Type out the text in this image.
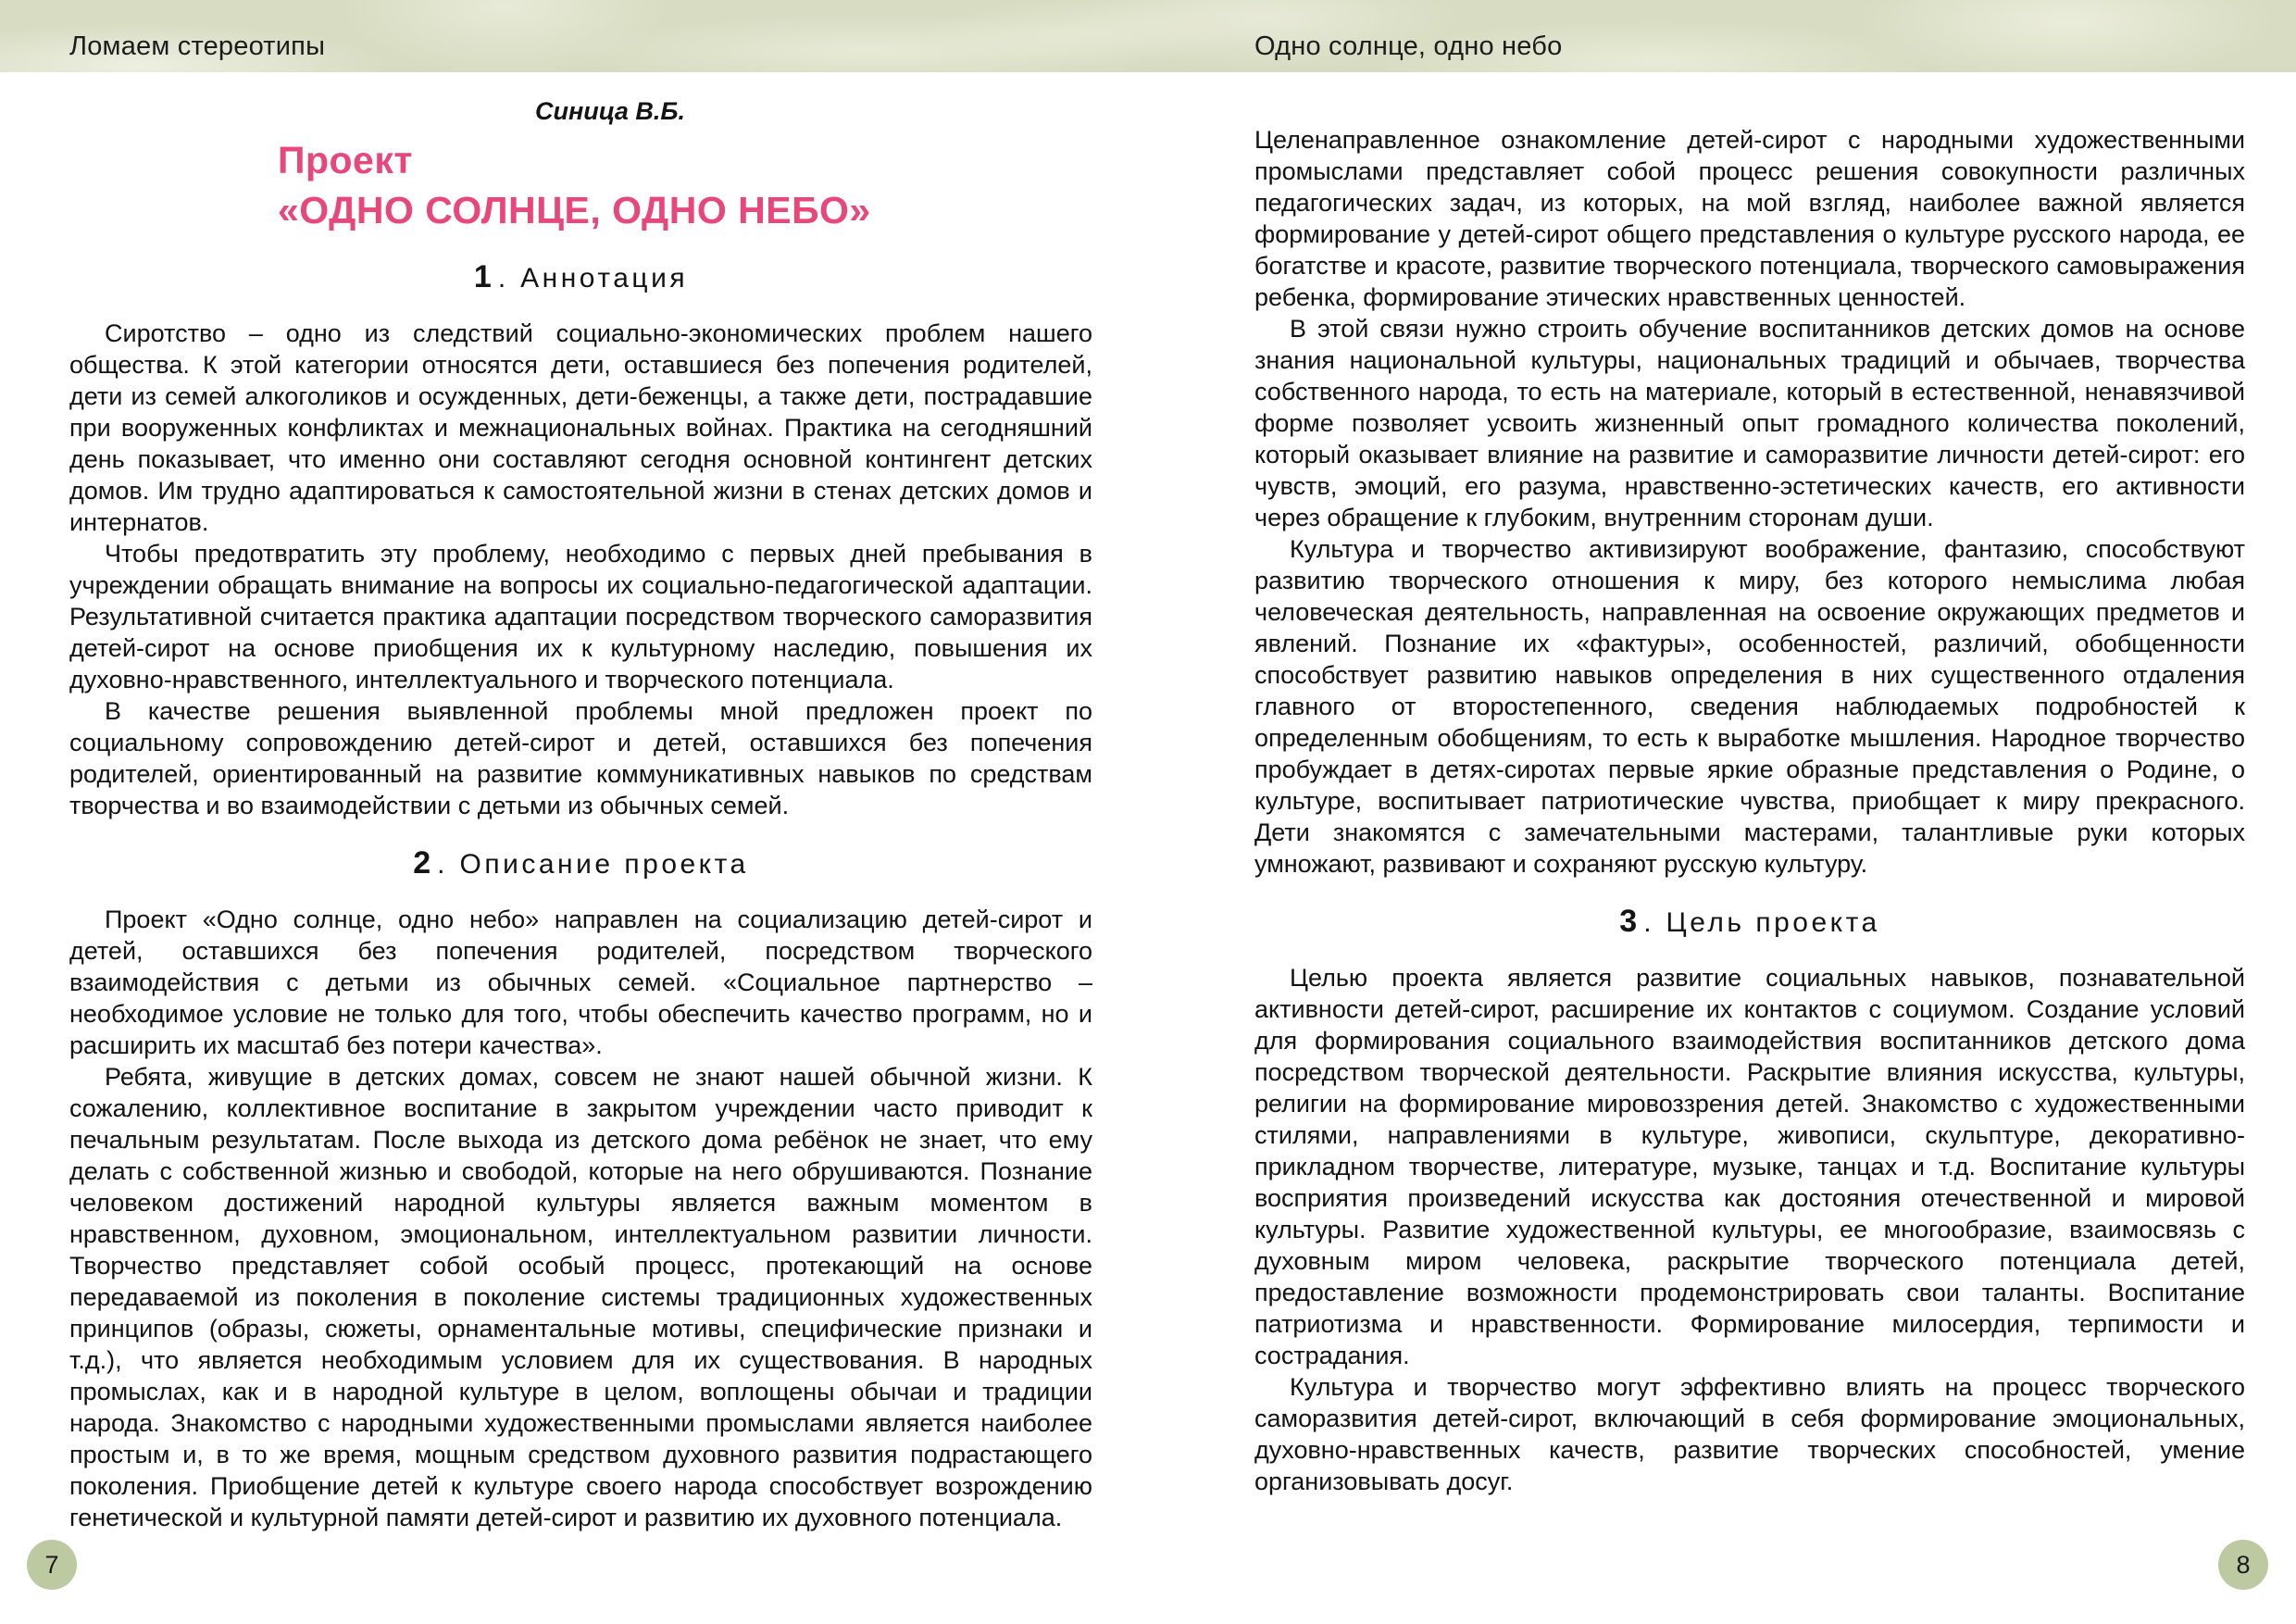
Ломаем стереотипы	Одно солнце, одно небо
Синица В.Б.
Проект
«ОДНО СОЛНЦЕ, ОДНО НЕБО»
1 . Аннотация

Сиротство – одно из следствий социально-экономических проблем нашего общества. К этой категории относятся дети, оставшиеся без попечения родителей, дети из семей алкоголиков и осужденных, дети-беженцы, а также дети, пострадавшие при вооруженных конфликтах и межнациональных войнах. Практика на сегодняшний день показывает, что именно они составляют сегодня основной контингент детских домов. Им трудно адаптироваться к самостоятельной жизни в стенах детских домов и интернатов.

Чтобы предотвратить эту проблему, необходимо с первых дней пребывания в учреждении обращать внимание на вопросы их социально-педагогической адаптации. Результативной считается практика адаптации посредством творческого саморазвития детей-сирот на основе приобщения их к культурному наследию, повышения их духовно-нравственного, интеллектуального и творческого потенциала.

В качестве решения выявленной проблемы мной предложен проект по социальному сопровождению детей-сирот и детей, оставшихся без попечения родителей, ориентированный на развитие коммуникативных навыков по средствам творчества и во взаимодействии с детьми из обычных семей.

2 . Описание проекта

Проект «Одно солнце, одно небо» направлен на социализацию детей-сирот и детей, оставшихся без попечения родителей, посредством творческого взаимодействия с детьми из обычных семей. «Социальное партнерство – необходимое условие не только для того, чтобы обеспечить качество программ, но и расширить их масштаб без потери качества».

Ребята, живущие в детских домах, совсем не знают нашей обычной жизни. К сожалению, коллективное воспитание в закрытом учреждении часто приводит к печальным результатам. После выхода из детского дома ребёнок не знает, что ему делать с собственной жизнью и свободой, которые на него обрушиваются. Познание человеком достижений народной культуры является важным моментом в нравственном, духовном, эмоциональном, интеллектуальном развитии личности. Творчество представляет собой особый процесс, протекающий на основе передаваемой из поколения в поколение системы традиционных художественных принципов (образы, сюжеты, орнаментальные мотивы, специфические признаки и т.д.), что является необходимым условием для их существования. В народных промыслах, как и в народной культуре в целом, воплощены обычаи и традиции народа. Знакомство с народными художественными промыслами является наиболее простым и, в то же время, мощным средством духовного развития подрастающего поколения. Приобщение детей к культуре своего народа способствует возрождению генетической и культурной памяти детей-сирот и развитию их духовного потенциала.

Целенаправленное ознакомление детей-сирот с народными художественными промыслами представляет собой процесс решения совокупности различных педагогических задач, из которых, на мой взгляд, наиболее важной является формирование у детей-сирот общего представления о культуре русского народа, ее богатстве и красоте, развитие творческого потенциала, творческого самовыражения ребенка, формирование этических нравственных ценностей.

В этой связи нужно строить обучение воспитанников детских домов на основе знания национальной культуры, национальных традиций и обычаев, творчества собственного народа, то есть на материале, который в естественной, ненавязчивой форме позволяет усвоить жизненный опыт громадного количества поколений, который оказывает влияние на развитие и саморазвитие личности детей-сирот: его чувств, эмоций, его разума, нравственно-эстетических качеств, его активности через обращение к глубоким, внутренним сторонам души.

Культура и творчество активизируют воображение, фантазию, способствуют развитию творческого отношения к миру, без которого немыслима любая человеческая деятельность, направленная на освоение окружающих предметов и явлений. Познание их «фактуры», особенностей, различий, обобщенности способствует развитию навыков определения в них существенного отдаления главного от второстепенного, сведения наблюдаемых подробностей к определенным обобщениям, то есть к выработке мышления. Народное творчество пробуждает в детях-сиротах первые яркие образные представления о Родине, о культуре, воспитывает патриотические чувства, приобщает к миру прекрасного. Дети знакомятся с замечательными мастерами, талантливые руки которых умножают, развивают и сохраняют русскую культуру.

3 . Цель проекта

Целью проекта является развитие социальных навыков, познавательной активности детей-сирот, расширение их контактов с социумом. Создание условий для формирования социального взаимодействия воспитанников детского дома посредством творческой деятельности. Раскрытие влияния искусства, культуры, религии на формирование мировоззрения детей. Знакомство с художественными стилями, направлениями в культуре, живописи, скульптуре, декоративно-прикладном творчестве, литературе, музыке, танцах и т.д. Воспитание культуры восприятия произведений искусства как достояния отечественной и мировой культуры. Развитие художественной культуры, ее многообразие, взаимосвязь с духовным миром человека, раскрытие творческого потенциала детей, предоставление возможности продемонстрировать свои таланты. Воспитание патриотизма и нравственности. Формирование милосердия, терпимости и сострадания.

Культура и творчество могут эффективно влиять на процесс творческого саморазвития детей-сирот, включающий в себя формирование эмоциональных, духовно-нравственных качеств, развитие творческих способностей, умение организовывать досуг.

7	8
